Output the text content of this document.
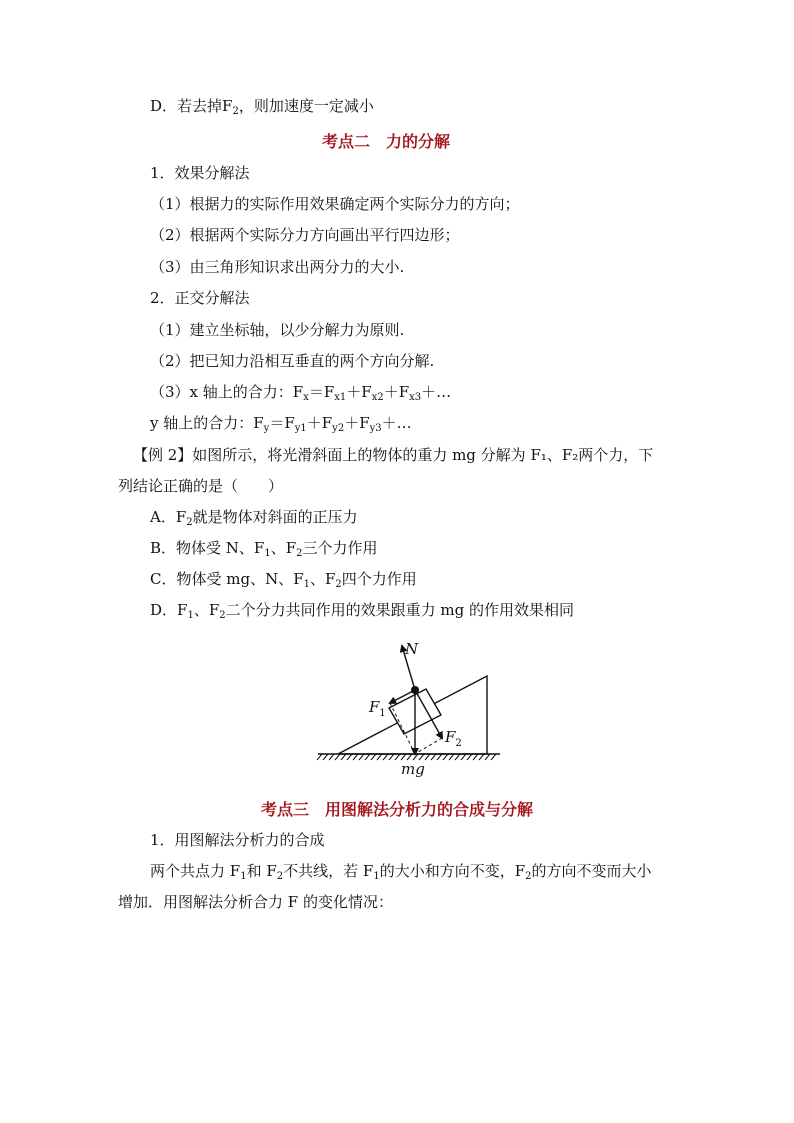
D．若去掉$F_2$，则加速度一定减小
考点二　力的分解
1．效果分解法
（1）根据力的实际作用效果确定两个实际分力的方向；
（2）根据两个实际分力方向画出平行四边形；
（3）由三角形知识求出两分力的大小.
2．正交分解法
（1）建立坐标轴，以少分解力为原则.
（2）把已知力沿相互垂直的两个方向分解.
（3）x 轴上的合力：$F_x=F_{x1}+F_{x2}+F_{x3}+\dots$
y 轴上的合力：$F_y=F_{y1}+F_{y2}+F_{y3}+\dots$
【例 2】如图所示，将光滑斜面上的物体的重力 mg 分解为 F₁、F₂两个力，下
列结论正确的是（　　）
A．$F_2$就是物体对斜面的正压力
B．物体受 N、$F_1$、$F_2$三个力作用
C．物体受 mg、N、$F_1$、$F_2$四个力作用
D．$F_1$、$F_2$二个分力共同作用的效果跟重力 mg 的作用效果相同
N
$F_1$
$F_2$
mg
考点三　用图解法分析力的合成与分解
1．用图解法分析力的合成
两个共点力 $F_1$和 $F_2$不共线，若 $F_1$的大小和方向不变，$F_2$的方向不变而大小
增加．用图解法分析合力 F 的变化情况：
